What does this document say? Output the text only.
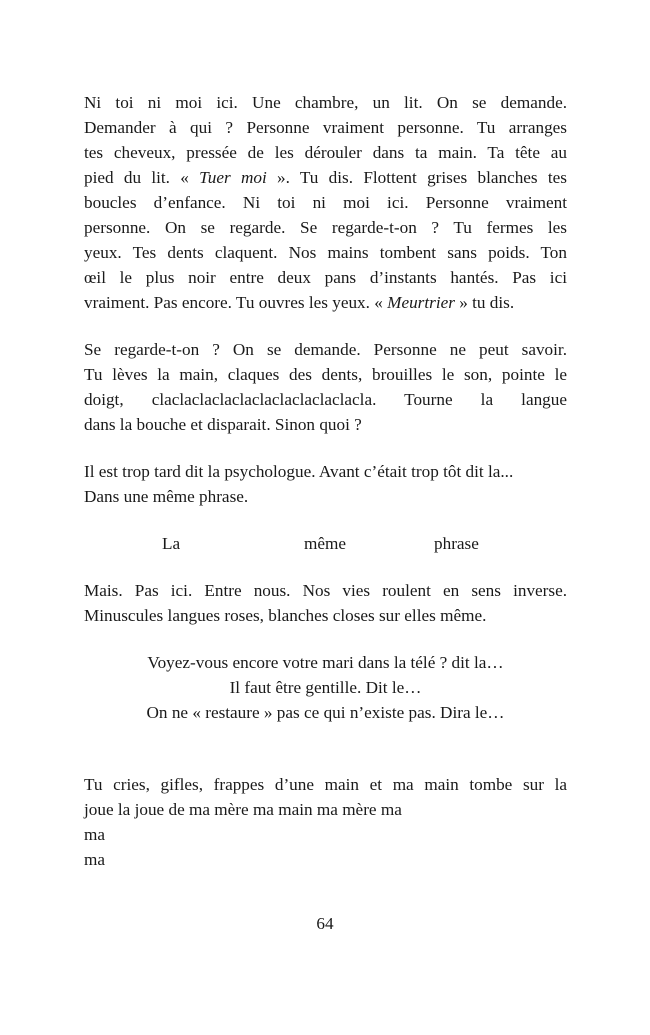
Ni toi ni moi ici. Une chambre, un lit. On se demande.
Demander à qui ? Personne vraiment personne. Tu arranges
tes cheveux, pressée de les dérouler dans ta main. Ta tête au
pied du lit. « Tuer moi ». Tu dis. Flottent grises blanches tes
boucles d’enfance. Ni toi ni moi ici. Personne vraiment
personne. On se regarde. Se regarde-t-on ? Tu fermes les
yeux. Tes dents claquent. Nos mains tombent sans poids. Ton
œil le plus noir entre deux pans d’instants hantés. Pas ici
vraiment. Pas encore. Tu ouvres les yeux. « Meurtrier » tu dis.

Se regarde-t-on ? On se demande. Personne ne peut savoir.
Tu lèves la main, claques des dents, brouilles le son, pointe le
doigt, claclaclaclaclaclaclaclaclaclacla. Tourne la langue
dans la bouche et disparait. Sinon quoi ?

Il est trop tard dit la psychologue. Avant c’était trop tôt dit la...
Dans une même phrase.

La	même	phrase

Mais. Pas ici. Entre nous. Nos vies roulent en sens inverse.
Minuscules langues roses, blanches closes sur elles même.

Voyez-vous encore votre mari dans la télé ? dit la…
Il faut être gentille. Dit le…
On ne « restaure » pas ce qui n’existe pas. Dira le…

Tu cries, gifles, frappes d’une main et ma main tombe sur la
joue la joue de ma mère ma main ma mère ma
ma
ma

64
